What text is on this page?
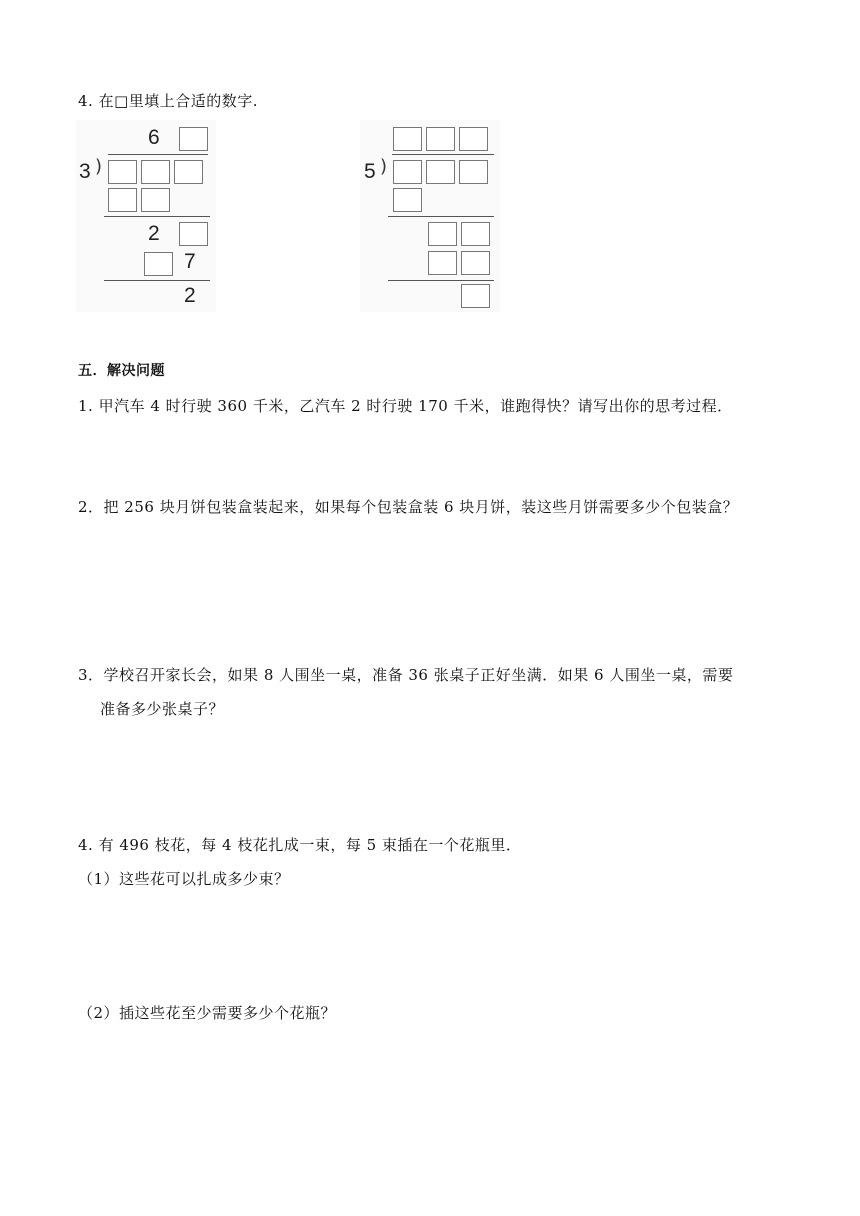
4. 在□里填上合适的数字.
6
3 )
2
7
2
5 )
五．解决问题
1. 甲汽车 4 时行驶 360 千米，乙汽车 2 时行驶 170 千米，谁跑得快？请写出你的思考过程．
2．把 256 块月饼包装盒装起来，如果每个包装盒装 6 块月饼，装这些月饼需要多少个包装盒？
3．学校召开家长会，如果 8 人围坐一桌，准备 36 张桌子正好坐满．如果 6 人围坐一桌，需要
准备多少张桌子？
4. 有 496 枝花，每 4 枝花扎成一束，每 5 束插在一个花瓶里．
（1）这些花可以扎成多少束？
（2）插这些花至少需要多少个花瓶？
